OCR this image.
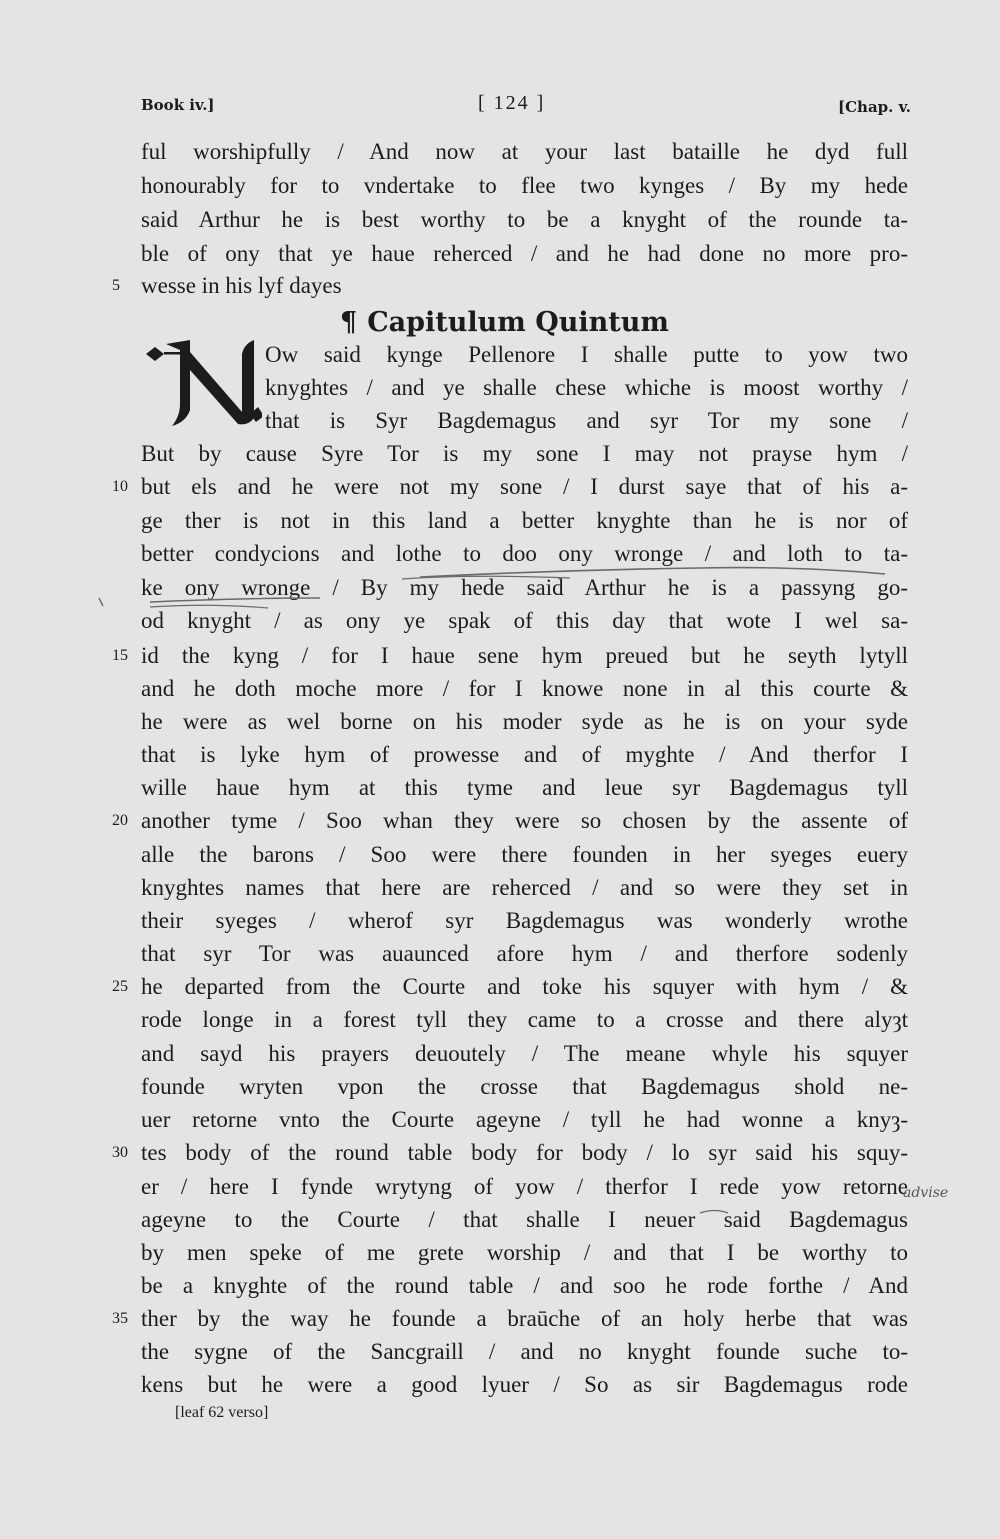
Book iv.]	[ 124 ]	[Chap. v.
ful worshipfully / And now at your last bataille he dyd full
honourably for to vndertake to flee two kynges / By my hede
said Arthur he is best worthy to be a knyght of the rounde ta-
ble of ony that ye haue reherced / and he had done no more pro-
wesse in his lyf dayes
5
¶ Capitulum Quintum
Ow said kynge Pellenore I shalle putte to yow two
knyghtes / and ye shalle chese whiche is moost worthy /
that is Syr Bagdemagus and syr Tor my sone /
But by cause Syre Tor is my sone I may not prayse hym /
but els and he were not my sone / I durst saye that of his a-
10
ge ther is not in this land a better knyghte than he is nor of
better condycions and lothe to doo ony wronge / and loth to ta-
ke ony wronge / By my hede said Arthur he is a passyng go-
od knyght / as ony ye spak of this day that wote I wel sa-
id the kyng / for I haue sene hym preued but he seyth lytyll
15
and he doth moche more / for I knowe none in al this courte &
he were as wel borne on his moder syde as he is on your syde
that is lyke hym of prowesse and of myghte / And therfor I
wille haue hym at this tyme and leue syr Bagdemagus tyll
another tyme / Soo whan they were so chosen by the assente of
20
alle the barons / Soo were there founden in her syeges euery
knyghtes names that here are reherced / and so were they set in
their syeges / wherof syr Bagdemagus was wonderly wrothe
that syr Tor was auaunced afore hym / and therfore sodenly
he departed from the Courte and toke his squyer with hym / &
25
rode longe in a forest tyll they came to a crosse and there alyȝt
and sayd his prayers deuoutely / The meane whyle his squyer
founde wryten vpon the crosse that Bagdemagus shold ne-
uer retorne vnto the Courte ageyne / tyll he had wonne a knyȝ-
tes body of the round table body for body / lo syr said his squy-
30
er / here I fynde wrytyng of yow / therfor I rede yow retorne
ageyne to the Courte / that shalle I neuer said Bagdemagus
by men speke of me grete worship / and that I be worthy to
be a knyghte of the round table / and soo he rode forthe / And
ther by the way he founde a braūche of an holy herbe that was
35
the sygne of the Sancgraill / and no knyght founde suche to-
kens but he were a good lyuer / So as sir Bagdemagus rode
advise
[leaf 62 verso]
